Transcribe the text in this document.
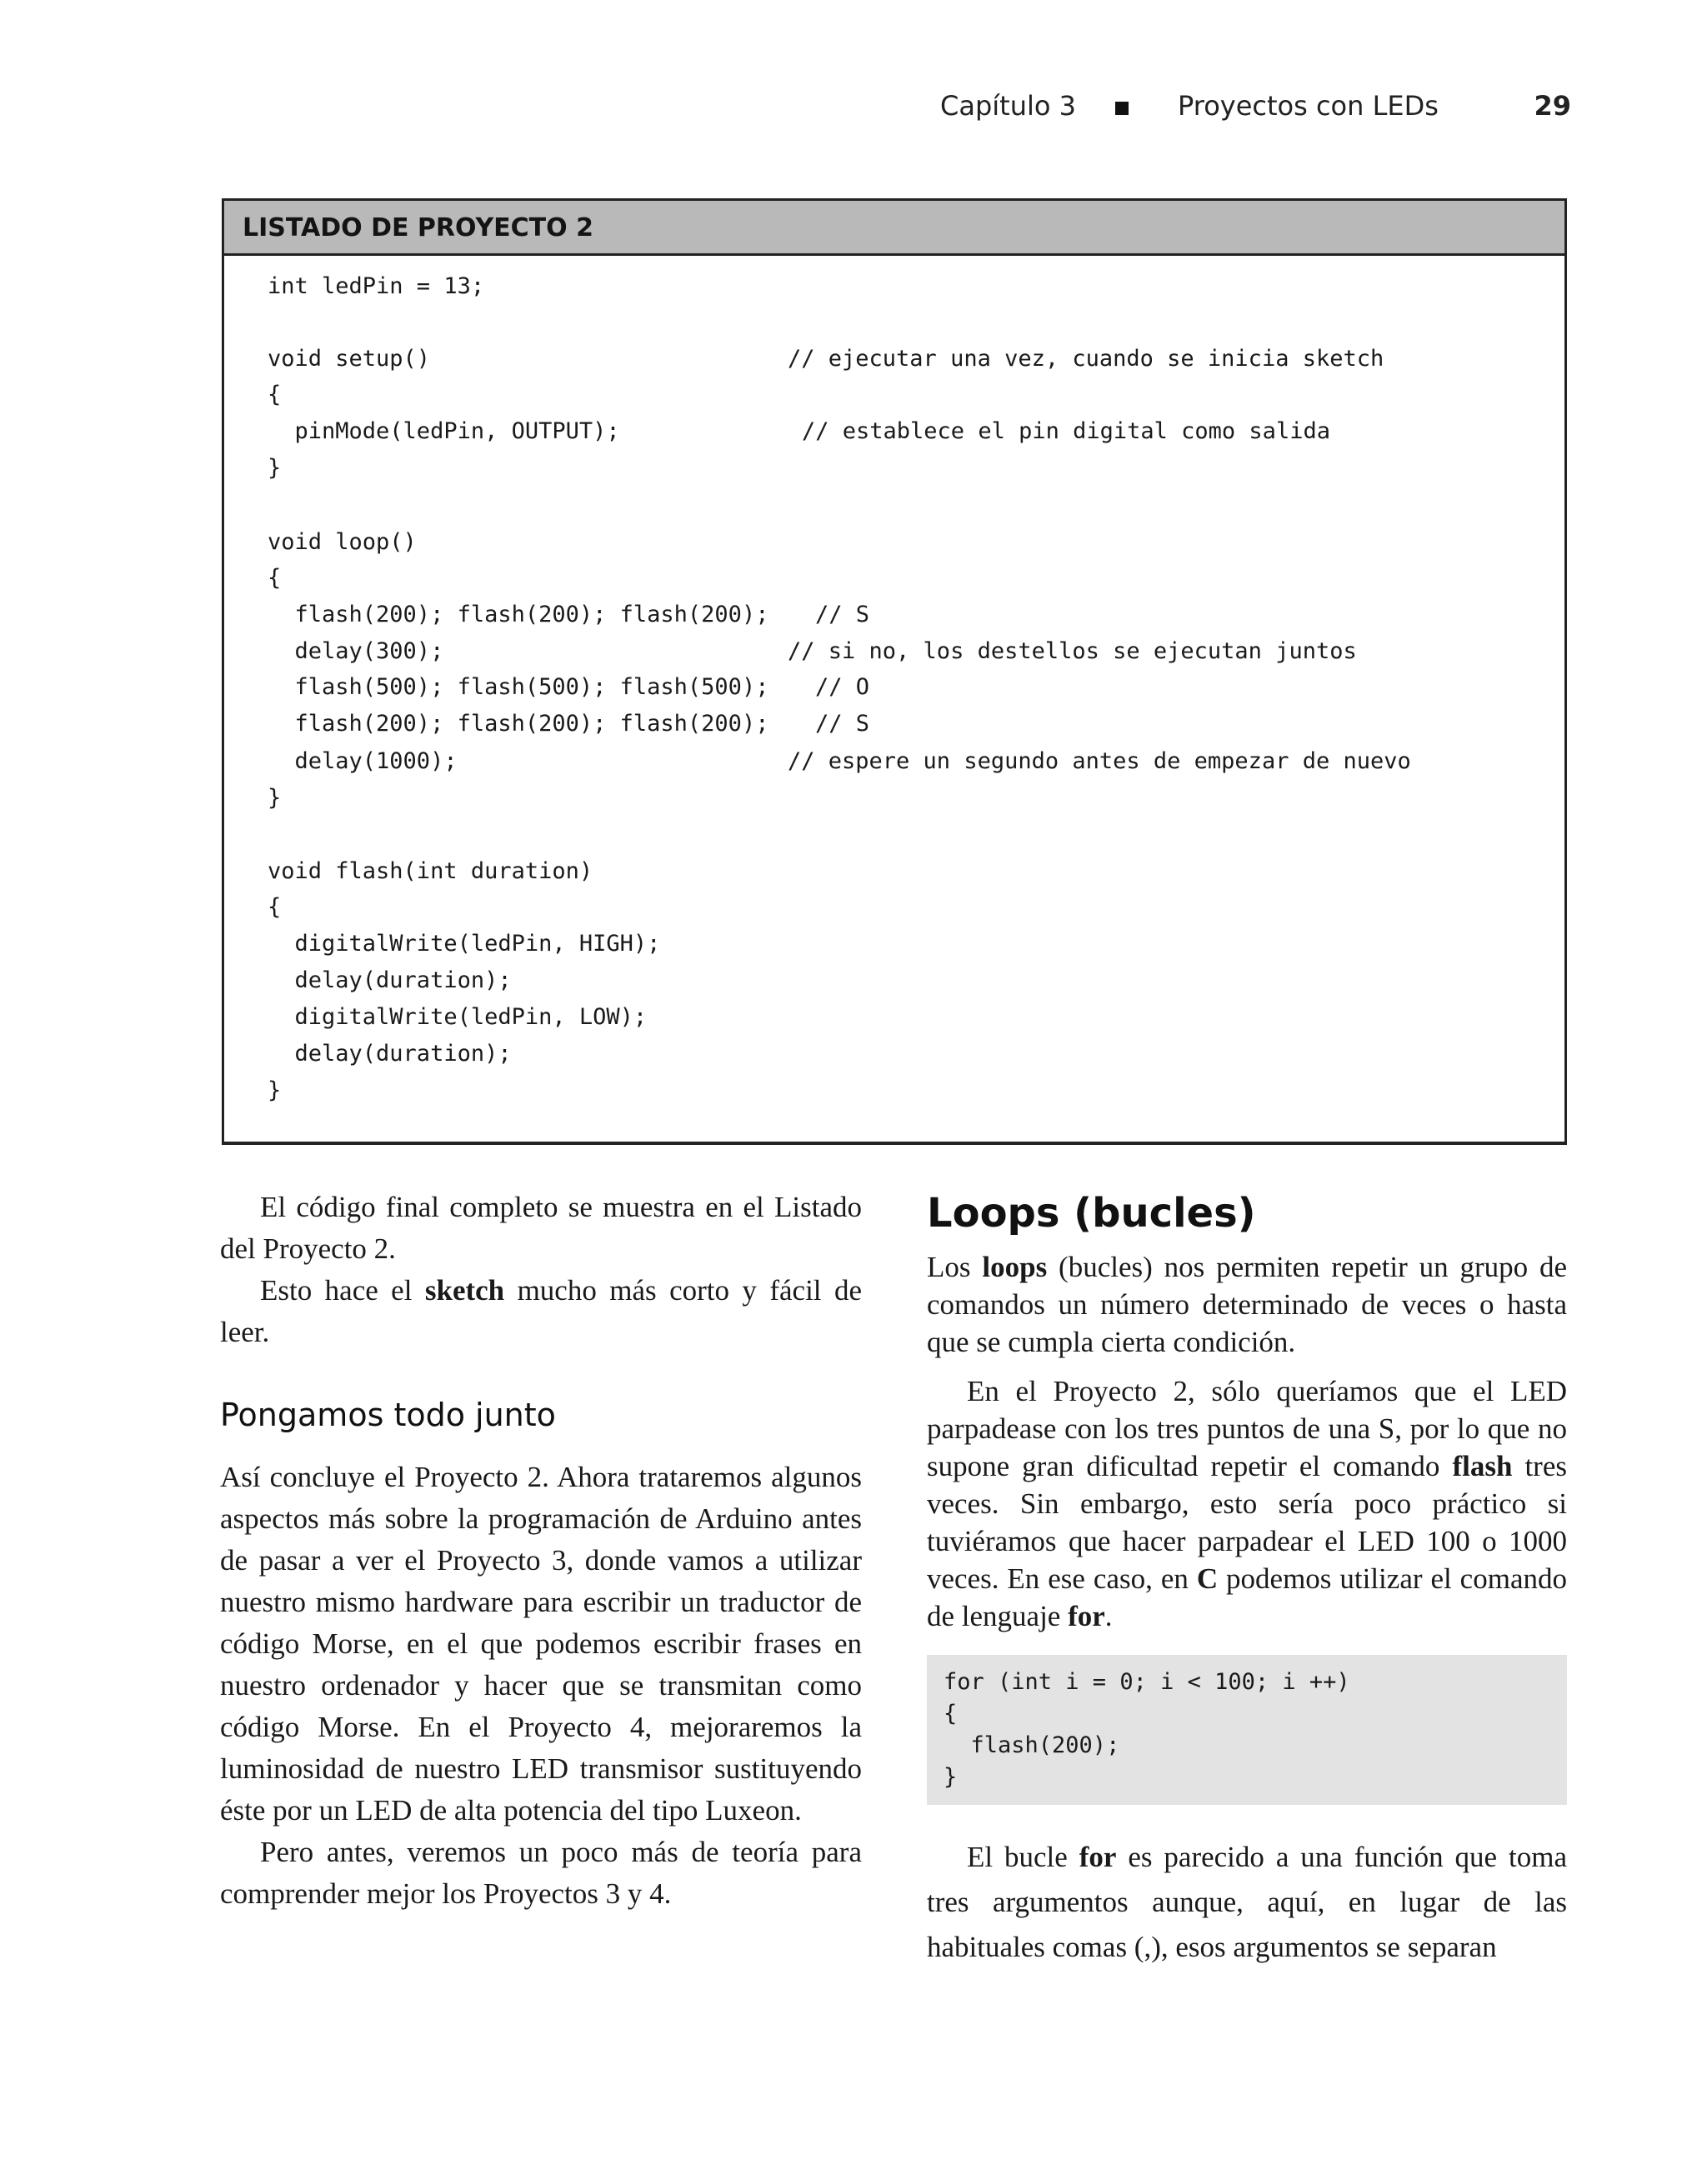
Capítulo 3	Proyectos con LEDs	29
LISTADO DE PROYECTO 2
int ledPin = 13;
void setup()
{
pinMode(ledPin, OUTPUT);
}
void loop()
{
flash(200); flash(200); flash(200);
delay(300);
flash(500); flash(500); flash(500);
flash(200); flash(200); flash(200);
delay(1000);
}
void flash(int duration)
{
digitalWrite(ledPin, HIGH);
delay(duration);
digitalWrite(ledPin, LOW);
delay(duration);
}
// ejecutar una vez, cuando se inicia sketch
// establece el pin digital como salida
// S
// si no, los destellos se ejecutan juntos
// O
// S
// espere un segundo antes de empezar de nuevo

El código final completo se muestra en el Listado del Proyecto 2.

Esto hace el sketch mucho más corto y fácil de leer.

Pongamos todo junto

Así concluye el Proyecto 2. Ahora trataremos algunos aspectos más sobre la programación de Arduino antes de pasar a ver el Proyecto 3, donde vamos a utilizar nuestro mismo hardware para escribir un traductor de código Morse, en el que podemos escribir frases en nuestro ordenador y hacer que se transmitan como código Morse. En el Proyecto 4, mejoraremos la luminosidad de nuestro LED transmisor sustituyendo éste por un LED de alta potencia del tipo Luxeon.

Pero antes, veremos un poco más de teoría para comprender mejor los Proyectos 3 y 4.

Loops (bucles)

Los loops (bucles) nos permiten repetir un grupo de comandos un número determinado de veces o hasta que se cumpla cierta condición.

En el Proyecto 2, sólo queríamos que el LED parpadease con los tres puntos de una S, por lo que no supone gran dificultad repetir el comando flash tres veces. Sin embargo, esto sería poco práctico si tuviéramos que hacer parpadear el LED 100 o 1000 veces. En ese caso, en C podemos utilizar el comando de lenguaje for.

for (int i = 0; i < 100; i ++)
{
flash(200);
}

El bucle for es parecido a una función que toma tres argumentos aunque, aquí, en lugar de las habituales comas (,), esos argumentos se separan
